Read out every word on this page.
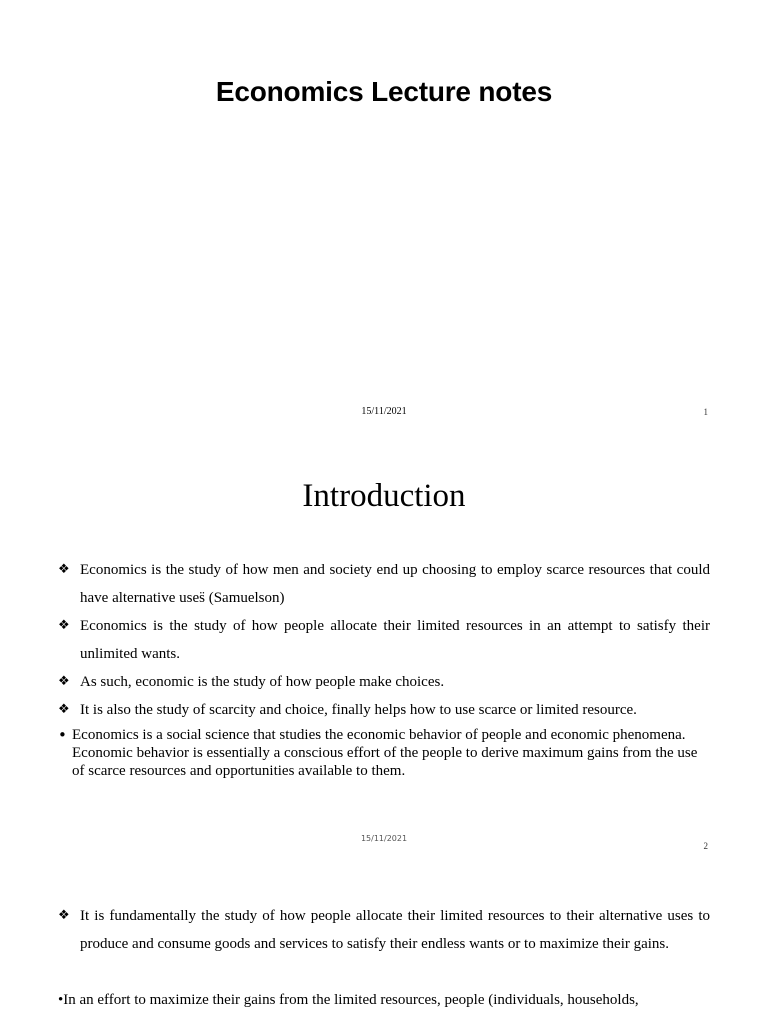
Economics Lecture notes
15/11/2021	1
Introduction
❖ Economics is the study of how men and society end up choosing to employ scarce resources that could have alternative uses̈ (Samuelson)
❖ Economics is the study of how people allocate their limited resources in an attempt to satisfy their unlimited wants.
❖ As such, economic is the study of how people make choices.
❖ It is also the study of scarcity and choice, finally helps how to use scarce or limited resource.
• Economics is a social science that studies the economic behavior of people and economic phenomena. Economic behavior is essentially a conscious effort of the people to derive maximum gains from the use of scarce resources and opportunities available to them.
15/11/2021
2
❖ It is fundamentally the study of how people allocate their limited resources to their alternative uses to produce and consume goods and services to satisfy their endless wants or to maximize their gains.
•In an effort to maximize their gains from the limited resources, people (individuals, households,
